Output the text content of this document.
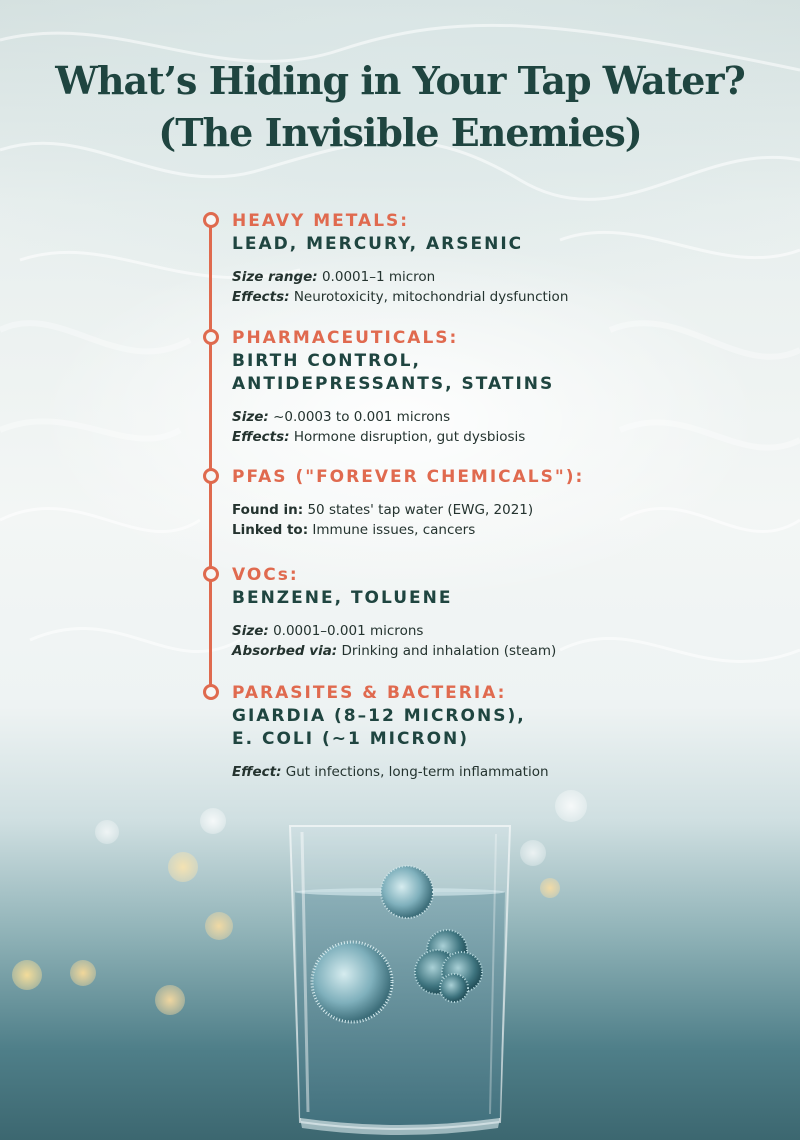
What’s Hiding in Your Tap Water?
(The Invisible Enemies)
HEAVY METALS:
LEAD, MERCURY, ARSENIC
Size range: 0.0001–1 micron
Effects: Neurotoxicity, mitochondrial dysfunction
PHARMACEUTICALS:
BIRTH CONTROL,
ANTIDEPRESSANTS, STATINS
Size: ~0.0003 to 0.001 microns
Effects: Hormone disruption, gut dysbiosis
PFAS ("FOREVER CHEMICALS"):
Found in: 50 states' tap water (EWG, 2021)
Linked to: Immune issues, cancers
VOCs:
BENZENE, TOLUENE
Size: 0.0001–0.001 microns
Absorbed via: Drinking and inhalation (steam)
PARASITES & BACTERIA:
GIARDIA (8–12 MICRONS),
E. COLI (~1 MICRON)
Effect: Gut infections, long-term inflammation
